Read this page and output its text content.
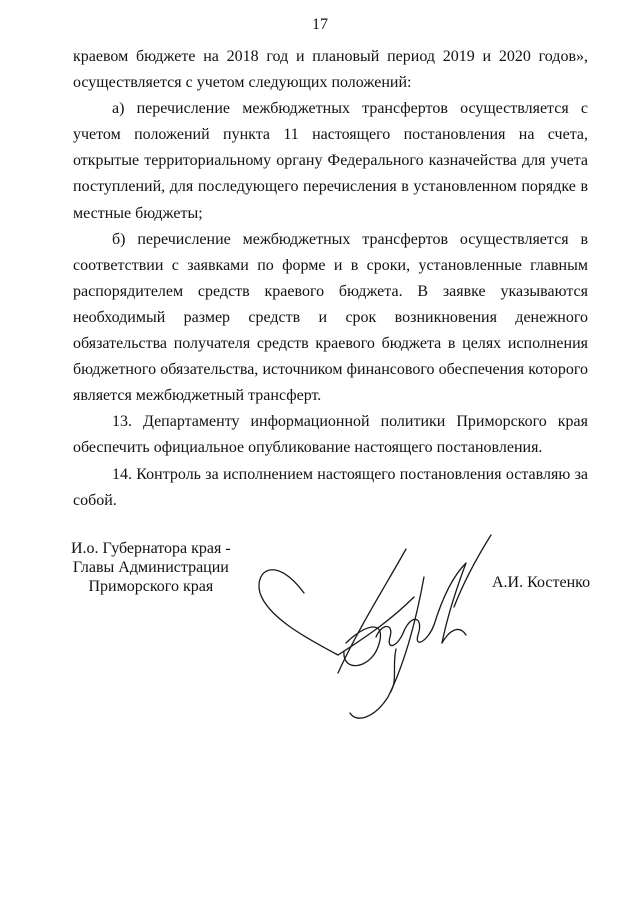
17

краевом бюджете на 2018 год и плановый период 2019 и 2020 годов», осуществляется с учетом следующих положений:

а) перечисление межбюджетных трансфертов осуществляется с учетом положений пункта 11 настоящего постановления на счета, открытые территориальному органу Федерального казначейства для учета поступлений, для последующего перечисления в установленном порядке в местные бюджеты;

б) перечисление межбюджетных трансфертов осуществляется в соответствии с заявками по форме и в сроки, установленные главным распорядителем средств краевого бюджета. В заявке указываются необходимый размер средств и срок возникновения денежного обязательства получателя средств краевого бюджета в целях исполнения бюджетного обязательства, источником финансового обеспечения которого является межбюджетный трансферт.

13. Департаменту информационной политики Приморского края обеспечить официальное опубликование настоящего постановления.

14. Контроль за исполнением настоящего постановления оставляю за собой.

И.о. Губернатора края -
Главы Администрации
Приморского края	А.И. Костенко
